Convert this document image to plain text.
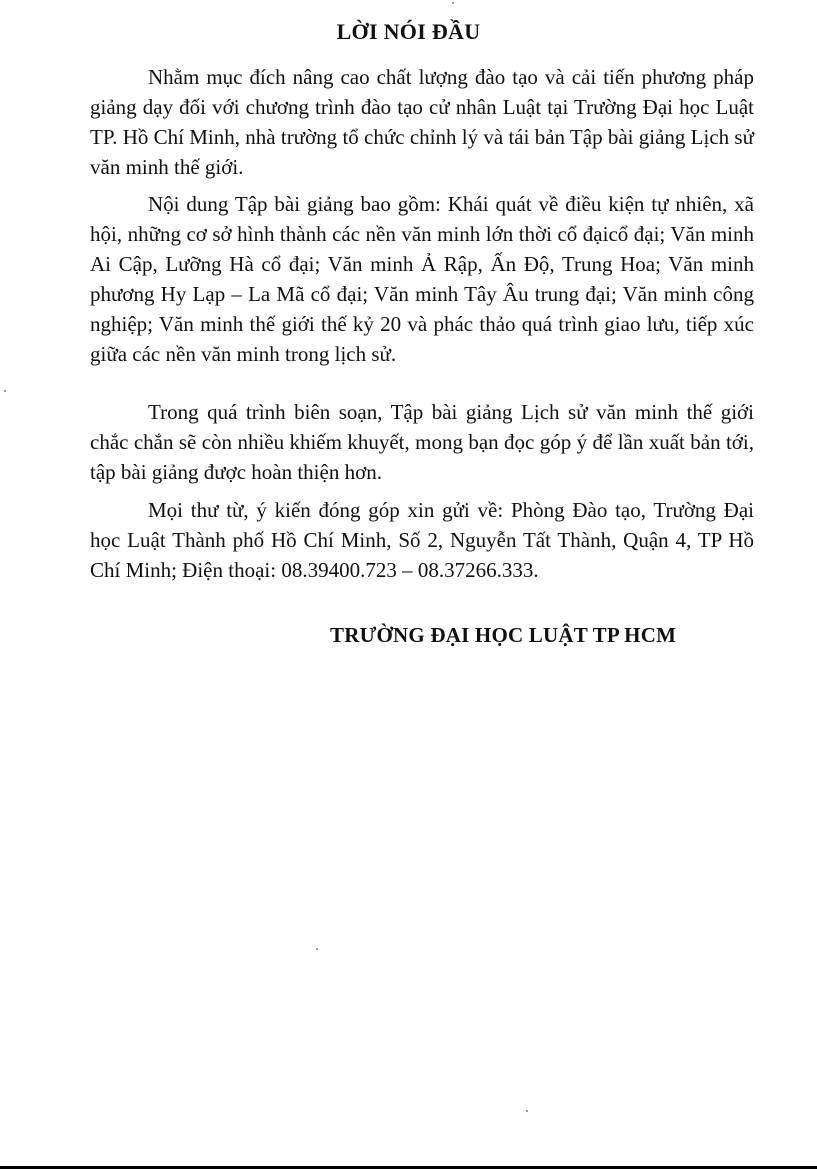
LỜI NÓI ĐẦU

Nhằm mục đích nâng cao chất lượng đào tạo và cải tiến phương pháp giảng dạy đối với chương trình đào tạo cử nhân Luật tại Trường Đại học Luật TP. Hồ Chí Minh, nhà trường tổ chức chỉnh lý và tái bản Tập bài giảng Lịch sử văn minh thế giới.

Nội dung Tập bài giảng bao gồm: Khái quát về điều kiện tự nhiên, xã hội, những cơ sở hình thành các nền văn minh lớn thời cổ đạicổ đại; Văn minh Ai Cập, Lưỡng Hà cổ đại; Văn minh Ả Rập, Ấn Độ, Trung Hoa; Văn minh phương Hy Lạp – La Mã cổ đại; Văn minh Tây Âu trung đại; Văn minh công nghiệp; Văn minh thế giới thế kỷ 20 và phác thảo quá trình giao lưu, tiếp xúc giữa các nền văn minh trong lịch sử.

Trong quá trình biên soạn, Tập bài giảng Lịch sử văn minh thế giới chắc chắn sẽ còn nhiều khiếm khuyết, mong bạn đọc góp ý để lần xuất bản tới, tập bài giảng được hoàn thiện hơn.

Mọi thư từ, ý kiến đóng góp xin gửi về: Phòng Đào tạo, Trường Đại học Luật Thành phố Hồ Chí Minh, Số 2, Nguyễn Tất Thành, Quận 4, TP Hồ Chí Minh; Điện thoại: 08.39400.723 – 08.37266.333.

TRƯỜNG ĐẠI HỌC LUẬT TP HCM
